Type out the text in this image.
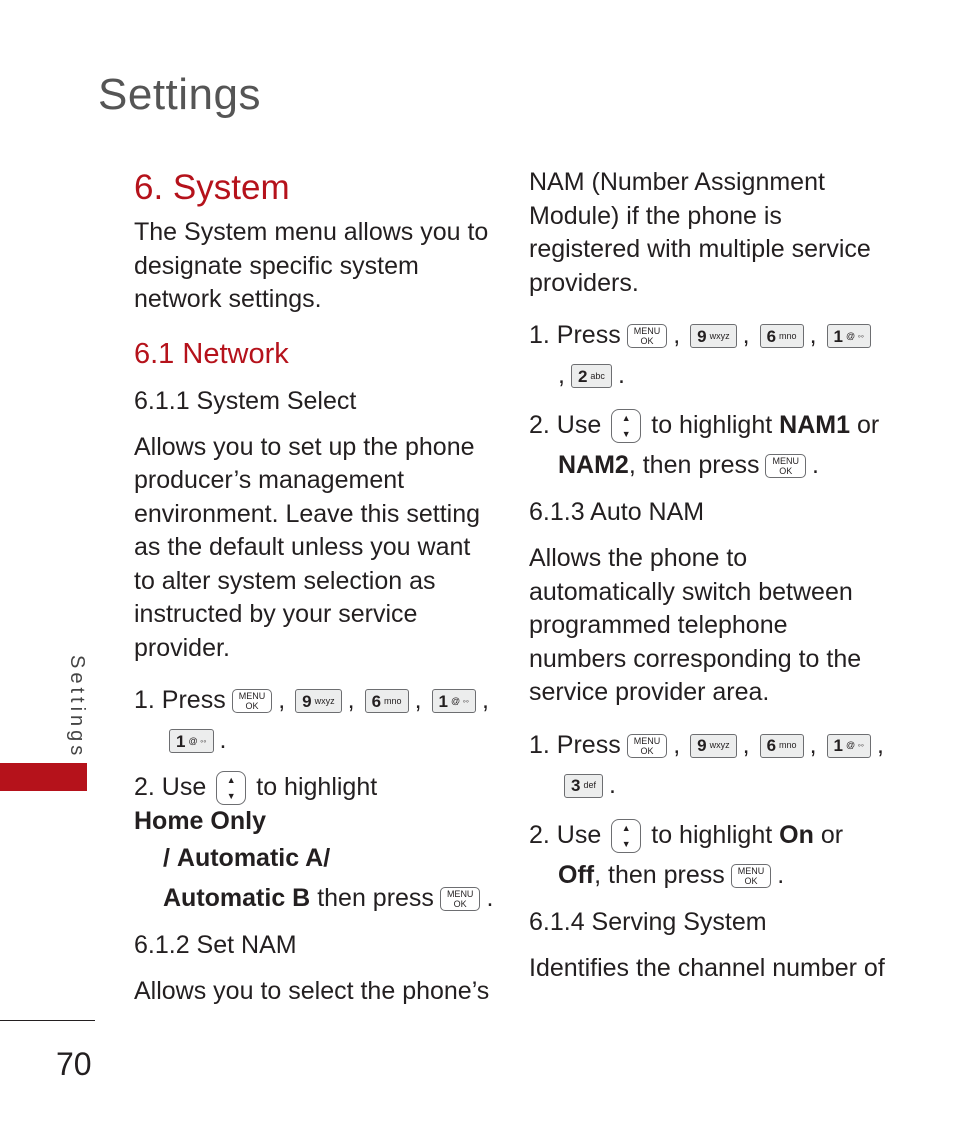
Settings
Settings
70
6. System

The System menu allows you to designate specific system network settings.

6.1 Network
6.1.1 System Select

Allows you to set up the phone producer’s management environment. Leave this setting as the default unless you want to alter system selection as instructed by your service provider.

1. Press MENU
OK , 9 wxyz , 6 mno , 1 @ ◦◦ ,
1 @ ◦◦ .
2. Use ▲
▼ to highlight

Home Only
/ Automatic A /
Automatic B
then press MENU
OK .
6.1.2 Set NAM

Allows you to select the phone’s

NAM (Number Assignment Module) if the phone is registered with multiple service providers.

1. Press MENU
OK , 9 wxyz , 6 mno , 1 @ ◦◦
, 2 abc .
2. Use ▲
▼ to highlight
NAM1
or
NAM2 , then press MENU
OK .
6.1.3 Auto NAM

Allows the phone to automatically switch between programmed telephone numbers corresponding to the service provider area.

1. Press MENU
OK , 9 wxyz , 6 mno , 1 @ ◦◦ ,
3 def .
2. Use ▲
▼ to highlight
On
or
Off , then press MENU
OK .
6.1.4 Serving System

Identifies the channel number of
